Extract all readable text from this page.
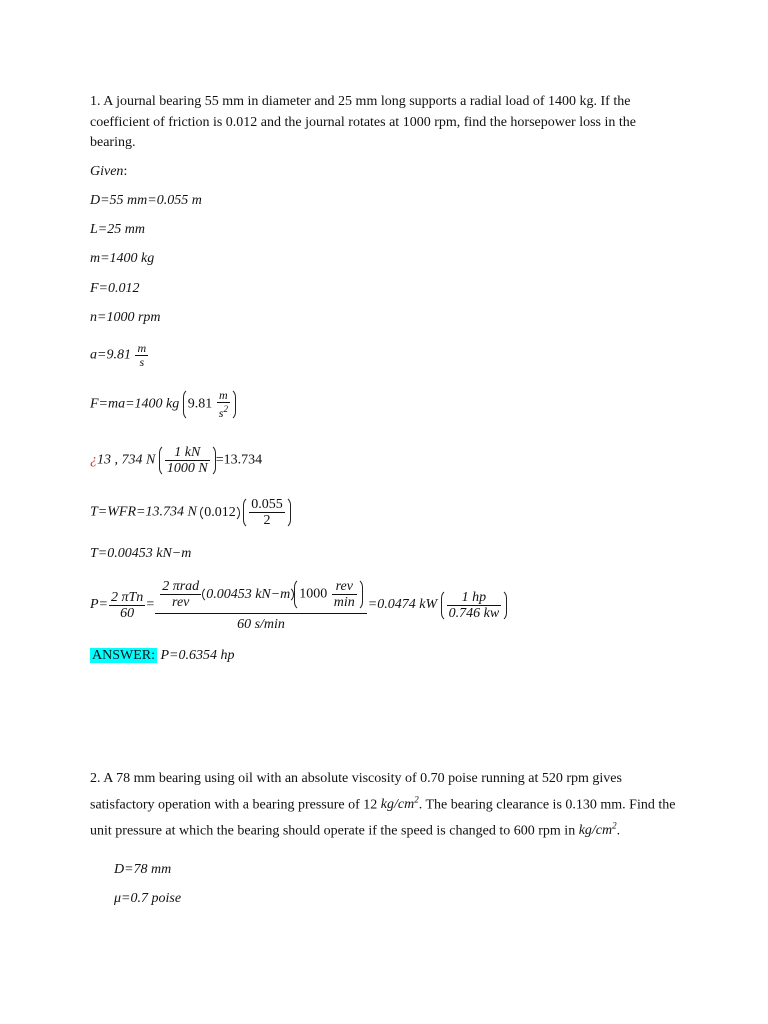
1. A journal bearing 55 mm in diameter and 25 mm long supports a radial load of 1400 kg. If the coefficient of friction is 0.012 and the journal rotates at 1000 rpm, find the horsepower loss in the bearing.
Given:
D=55 mm=0.055 m
L=25 mm
m=1400 kg
F=0.012
n=1000 rpm
$a=9.81 \frac{m}{s}$
F=ma=1400 kg $9.81 \frac{m}{s^2}$
¿13 , 734 N $\frac{1 kN}{1000 N} =13.734$
T=WFR=13.734 N $0.012 \frac{0.055}{2}$
T=0.00453 kN−m
$P= \frac{\text{2 πTn}}{60} = \frac{\text{2 πrad}}{\text{rev}} 0.00453$ kN−m $1000 \frac{\text{rev}}{\min}$
60 s/min
=0.0474 kW $\frac{1 hp}{0.746 kw}$
ANSWER: P=0.6354 hp
2. A 78 mm bearing using oil with an absolute viscosity of 0.70 poise running at 520 rpm gives satisfactory operation with a bearing pressure of 12 $kg/cm^2$. The bearing clearance is 0.130 mm. Find the unit pressure at which the bearing should operate if the speed is changed to 600 rpm in $kg/cm^2$.
D=78 mm
μ=0.7 poise
